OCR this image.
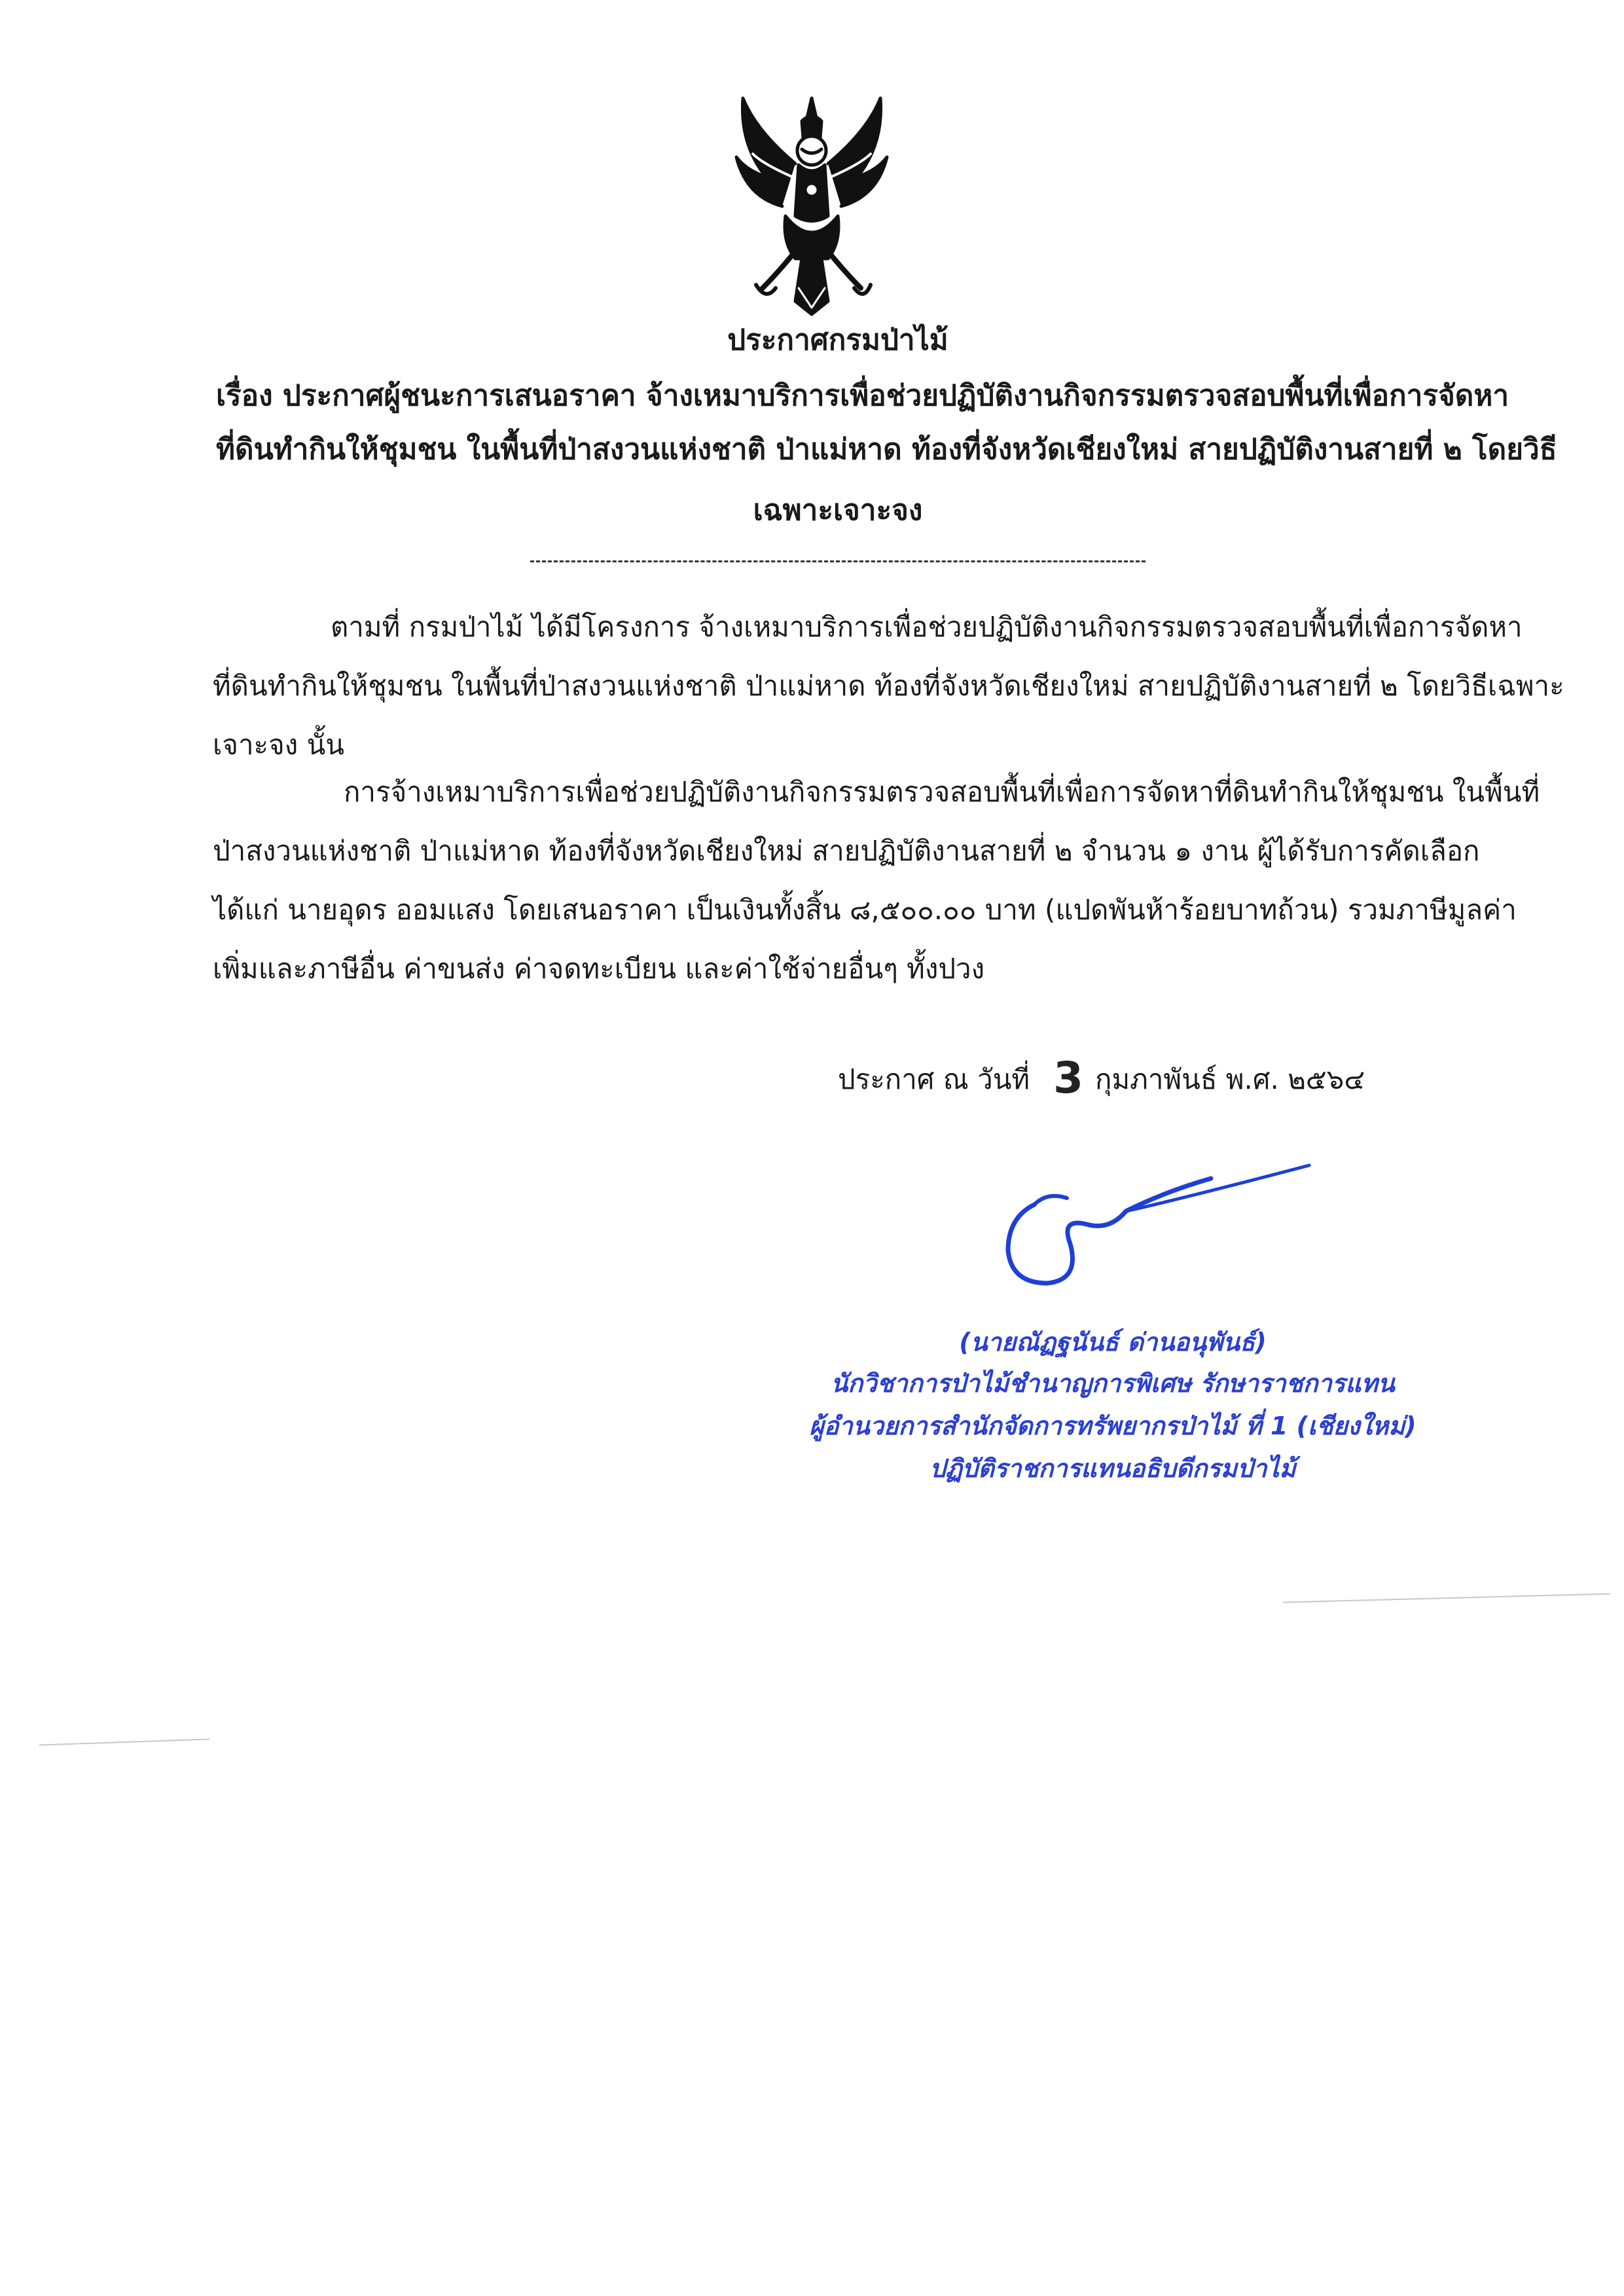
ประกาศกรมป่าไม้
เรื่อง ประกาศผู้ชนะการเสนอราคา จ้างเหมาบริการเพื่อช่วยปฏิบัติงานกิจกรรมตรวจสอบพื้นที่เพื่อการจัดหา
ที่ดินทำกินให้ชุมชน ในพื้นที่ป่าสงวนแห่งชาติ ป่าแม่หาด ท้องที่จังหวัดเชียงใหม่ สายปฏิบัติงานสายที่ ๒ โดยวิธี
เฉพาะเจาะจง
ตามที่ กรมป่าไม้ ได้มีโครงการ จ้างเหมาบริการเพื่อช่วยปฏิบัติงานกิจกรรมตรวจสอบพื้นที่เพื่อการจัดหา
ที่ดินทำกินให้ชุมชน ในพื้นที่ป่าสงวนแห่งชาติ ป่าแม่หาด ท้องที่จังหวัดเชียงใหม่ สายปฏิบัติงานสายที่ ๒ โดยวิธีเฉพาะ
เจาะจง นั้น
การจ้างเหมาบริการเพื่อช่วยปฏิบัติงานกิจกรรมตรวจสอบพื้นที่เพื่อการจัดหาที่ดินทำกินให้ชุมชน ในพื้นที่
ป่าสงวนแห่งชาติ ป่าแม่หาด ท้องที่จังหวัดเชียงใหม่ สายปฏิบัติงานสายที่ ๒ จำนวน ๑ งาน ผู้ได้รับการคัดเลือก
ได้แก่ นายอุดร ออมแสง โดยเสนอราคา เป็นเงินทั้งสิ้น ๘,๕๐๐.๐๐ บาท (แปดพันห้าร้อยบาทถ้วน) รวมภาษีมูลค่า
เพิ่มและภาษีอื่น ค่าขนส่ง ค่าจดทะเบียน และค่าใช้จ่ายอื่นๆ ทั้งปวง
ประกาศ ณ วันที่ 3 กุมภาพันธ์ พ.ศ. ๒๕๖๔
(นายณัฏฐนันธ์ ด่านอนุพันธ์)
นักวิชาการป่าไม้ชำนาญการพิเศษ รักษาราชการแทน
ผู้อำนวยการสำนักจัดการทรัพยากรป่าไม้ ที่ 1 (เชียงใหม่)
ปฏิบัติราชการแทนอธิบดีกรมป่าไม้
